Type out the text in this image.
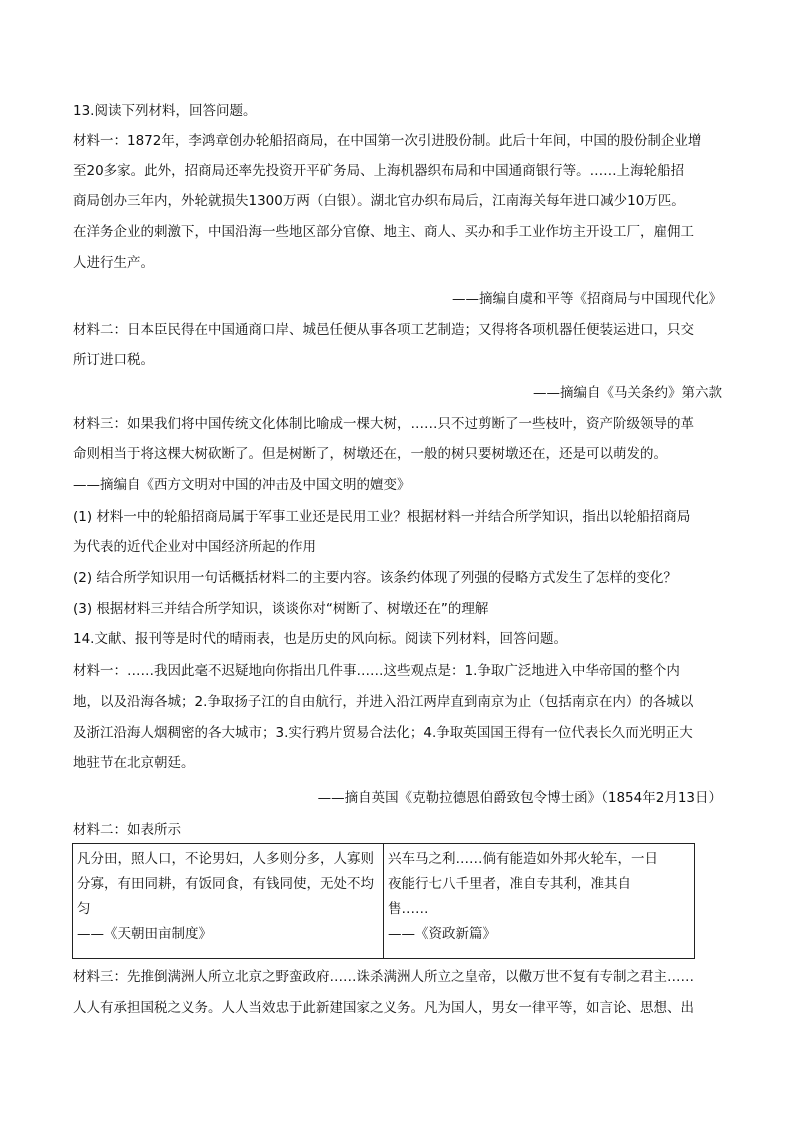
13.阅读下列材料，回答问题。
材料一：1872年，李鸿章创办轮船招商局，在中国第一次引进股份制。此后十年间，中国的股份制企业增
至20多家。此外，招商局还率先投资开平矿务局、上海机器织布局和中国通商银行等。……上海轮船招
商局创办三年内，外轮就损失1300万两（白银）。湖北官办织布局后，江南海关每年进口减少10万匹。
在洋务企业的刺激下，中国沿海一些地区部分官僚、地主、商人、买办和手工业作坊主开设工厂，雇佣工
人进行生产。
——摘编自虞和平等《招商局与中国现代化》
材料二：日本臣民得在中国通商口岸、城邑任便从事各项工艺制造；又得将各项机器任便装运进口，只交
所订进口税。
——摘编自《马关条约》第六款
材料三：如果我们将中国传统文化体制比喻成一棵大树，……只不过剪断了一些枝叶，资产阶级领导的革
命则相当于将这棵大树砍断了。但是树断了，树墩还在，一般的树只要树墩还在，还是可以萌发的。
——摘编自《西方文明对中国的冲击及中国文明的嬗变》
(1) 材料一中的轮船招商局属于军事工业还是民用工业？根据材料一并结合所学知识，指出以轮船招商局
为代表的近代企业对中国经济所起的作用
(2) 结合所学知识用一句话概括材料二的主要内容。该条约体现了列强的侵略方式发生了怎样的变化？
(3) 根据材料三并结合所学知识，谈谈你对“树断了、树墩还在”的理解
14.文献、报刊等是时代的晴雨表，也是历史的风向标。阅读下列材料，回答问题。
材料一：……我因此毫不迟疑地向你指出几件事……这些观点是：1.争取广泛地进入中华帝国的整个内
地，以及沿海各城；2.争取扬子江的自由航行，并进入沿江两岸直到南京为止（包括南京在内）的各城以
及浙江沿海人烟稠密的各大城市；3.实行鸦片贸易合法化；4.争取英国国王得有一位代表长久而光明正大
地驻节在北京朝廷。
——摘自英国《克勒拉德恩伯爵致包令博士函》（1854年2月13日）
材料二：如表所示
凡分田，照人口，不论男妇，人多则分多，人寡则
分寡，有田同耕，有饭同食，有钱同使，无处不均
匀
——《天朝田亩制度》

兴车马之利……倘有能造如外邦火轮车，一日
夜能行七八千里者，准自专其利，准其自
售……
——《资政新篇》
材料三：先推倒满洲人所立北京之野蛮政府……诛杀满洲人所立之皇帝，以儆万世不复有专制之君主……
人人有承担国税之义务。人人当效忠于此新建国家之义务。凡为国人，男女一律平等，如言论、思想、出
